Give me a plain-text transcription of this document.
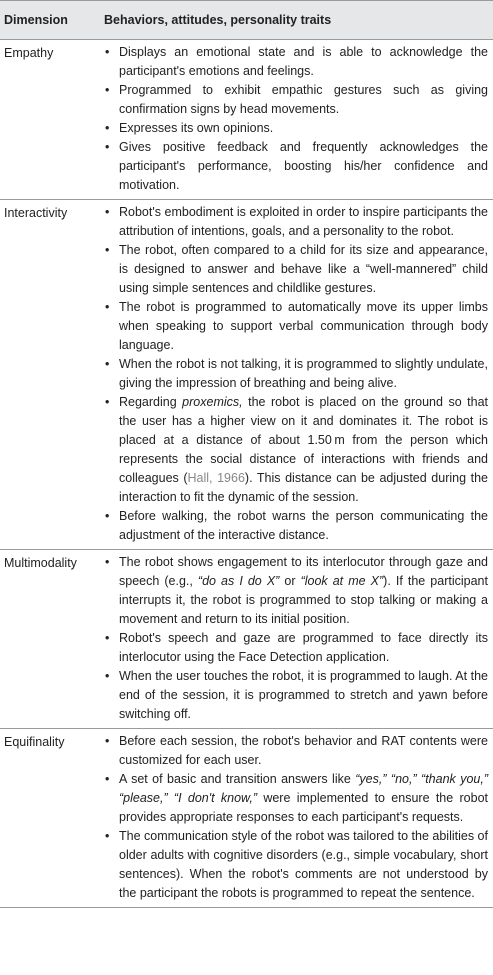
Dimension	Behaviors, attitudes, personality traits
Empathy	• Displays an emotional state and is able to acknowledge the participant's emotions and feelings.
• Programmed to exhibit empathic gestures such as giving confirmation signs by head movements.
• Expresses its own opinions.
• Gives positive feedback and frequently acknowledges the participant's performance, boosting his/her confidence and motivation.
Interactivity	• Robot's embodiment is exploited in order to inspire participants the attribution of intentions, goals, and a personality to the robot.
• The robot, often compared to a child for its size and appearance, is designed to answer and behave like a “well-mannered” child using simple sentences and childlike gestures.
• The robot is programmed to automatically move its upper limbs when speaking to support verbal communication through body language.
• When the robot is not talking, it is programmed to slightly undulate, giving the impression of breathing and being alive.
• Regarding proxemics, the robot is placed on the ground so that the user has a higher view on it and dominates it. The robot is placed at a distance of about 1.50 m from the person which represents the social distance of interactions with friends and colleagues (Hall, 1966). This distance can be adjusted during the interaction to fit the dynamic of the session.
• Before walking, the robot warns the person communicating the adjustment of the interactive distance.
Multimodality	• The robot shows engagement to its interlocutor through gaze and speech (e.g., “do as I do X” or “look at me X”). If the participant interrupts it, the robot is programmed to stop talking or making a movement and return to its initial position.
• Robot's speech and gaze are programmed to face directly its interlocutor using the Face Detection application.
• When the user touches the robot, it is programmed to laugh. At the end of the session, it is programmed to stretch and yawn before switching off.
Equifinality	• Before each session, the robot's behavior and RAT contents were customized for each user.
• A set of basic and transition answers like “yes,” “no,” “thank you,” “please,” “I don't know,” were implemented to ensure the robot provides appropriate responses to each participant's requests.
• The communication style of the robot was tailored to the abilities of older adults with cognitive disorders (e.g., simple vocabulary, short sentences). When the robot's comments are not understood by the participant the robots is programmed to repeat the sentence.
